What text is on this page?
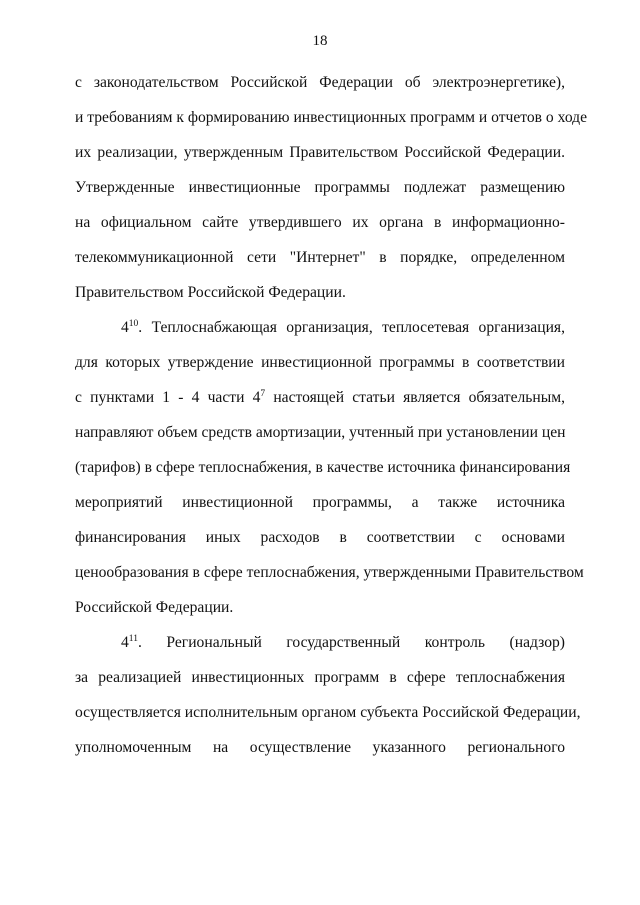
18
с законодательством Российской Федерации об электроэнергетике),
и требованиям к формированию инвестиционных программ и отчетов о ходе
их реализации, утвержденным Правительством Российской Федерации.
Утвержденные инвестиционные программы подлежат размещению
на официальном сайте утвердившего их органа в информационно-
телекоммуникационной сети "Интернет" в порядке, определенном
Правительством Российской Федерации.
$4^{10}$. Теплоснабжающая организация, теплосетевая организация,
для которых утверждение инвестиционной программы в соответствии
с пунктами 1 - 4 части $4^7$ настоящей статьи является обязательным,
направляют объем средств амортизации, учтенный при установлении цен
(тарифов) в сфере теплоснабжения, в качестве источника финансирования
мероприятий инвестиционной программы, а также источника
финансирования иных расходов в соответствии с основами
ценообразования в сфере теплоснабжения, утвержденными Правительством
Российской Федерации.
$4^{11}$. Региональный государственный контроль (надзор)
за реализацией инвестиционных программ в сфере теплоснабжения
осуществляется исполнительным органом субъекта Российской Федерации,
уполномоченным на осуществление указанного регионального
